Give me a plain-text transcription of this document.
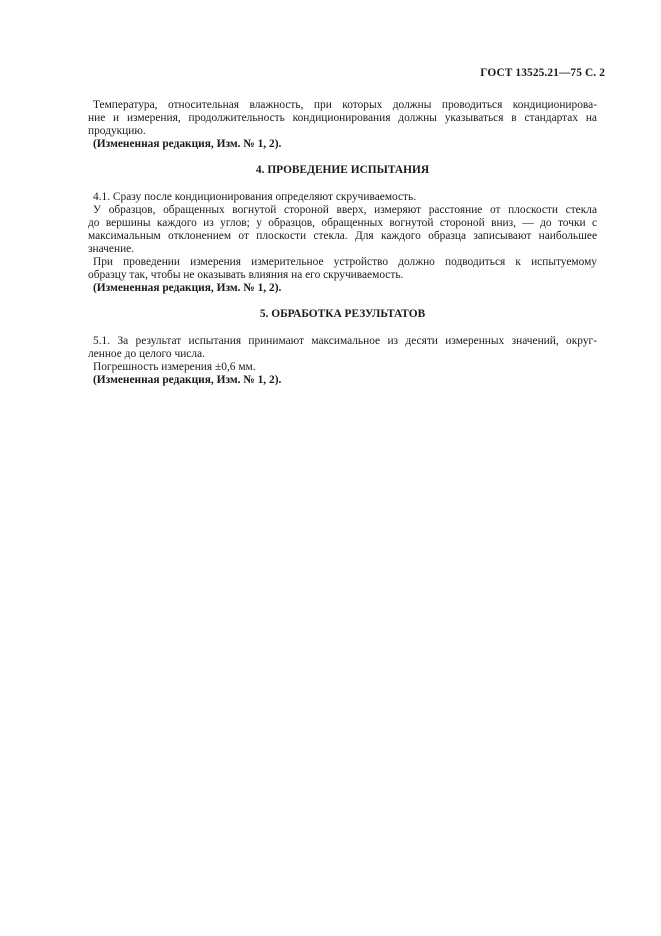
ГОСТ 13525.21—75 С. 2

Температура, относительная влажность, при которых должны проводиться кондиционирова-

ние и измерения, продолжительность кондиционирования должны указываться в стандартах на

продукцию.

(Измененная редакция, Изм. № 1, 2).

4. ПРОВЕДЕНИЕ ИСПЫТАНИЯ

4.1. Сразу после кондиционирования определяют скручиваемость.

У образцов, обращенных вогнутой стороной вверх, измеряют расстояние от плоскости стекла

до вершины каждого из углов; у образцов, обращенных вогнутой стороной вниз, — до точки с

максимальным отклонением от плоскости стекла. Для каждого образца записывают наибольшее

значение.

При проведении измерения измерительное устройство должно подводиться к испытуемому

образцу так, чтобы не оказывать влияния на его скручиваемость.

(Измененная редакция, Изм. № 1, 2).

5. ОБРАБОТКА РЕЗУЛЬТАТОВ

5.1. За результат испытания принимают максимальное из десяти измеренных значений, округ-

ленное до целого числа.

Погрешность измерения ±0,6 мм.

(Измененная редакция, Изм. № 1, 2).
